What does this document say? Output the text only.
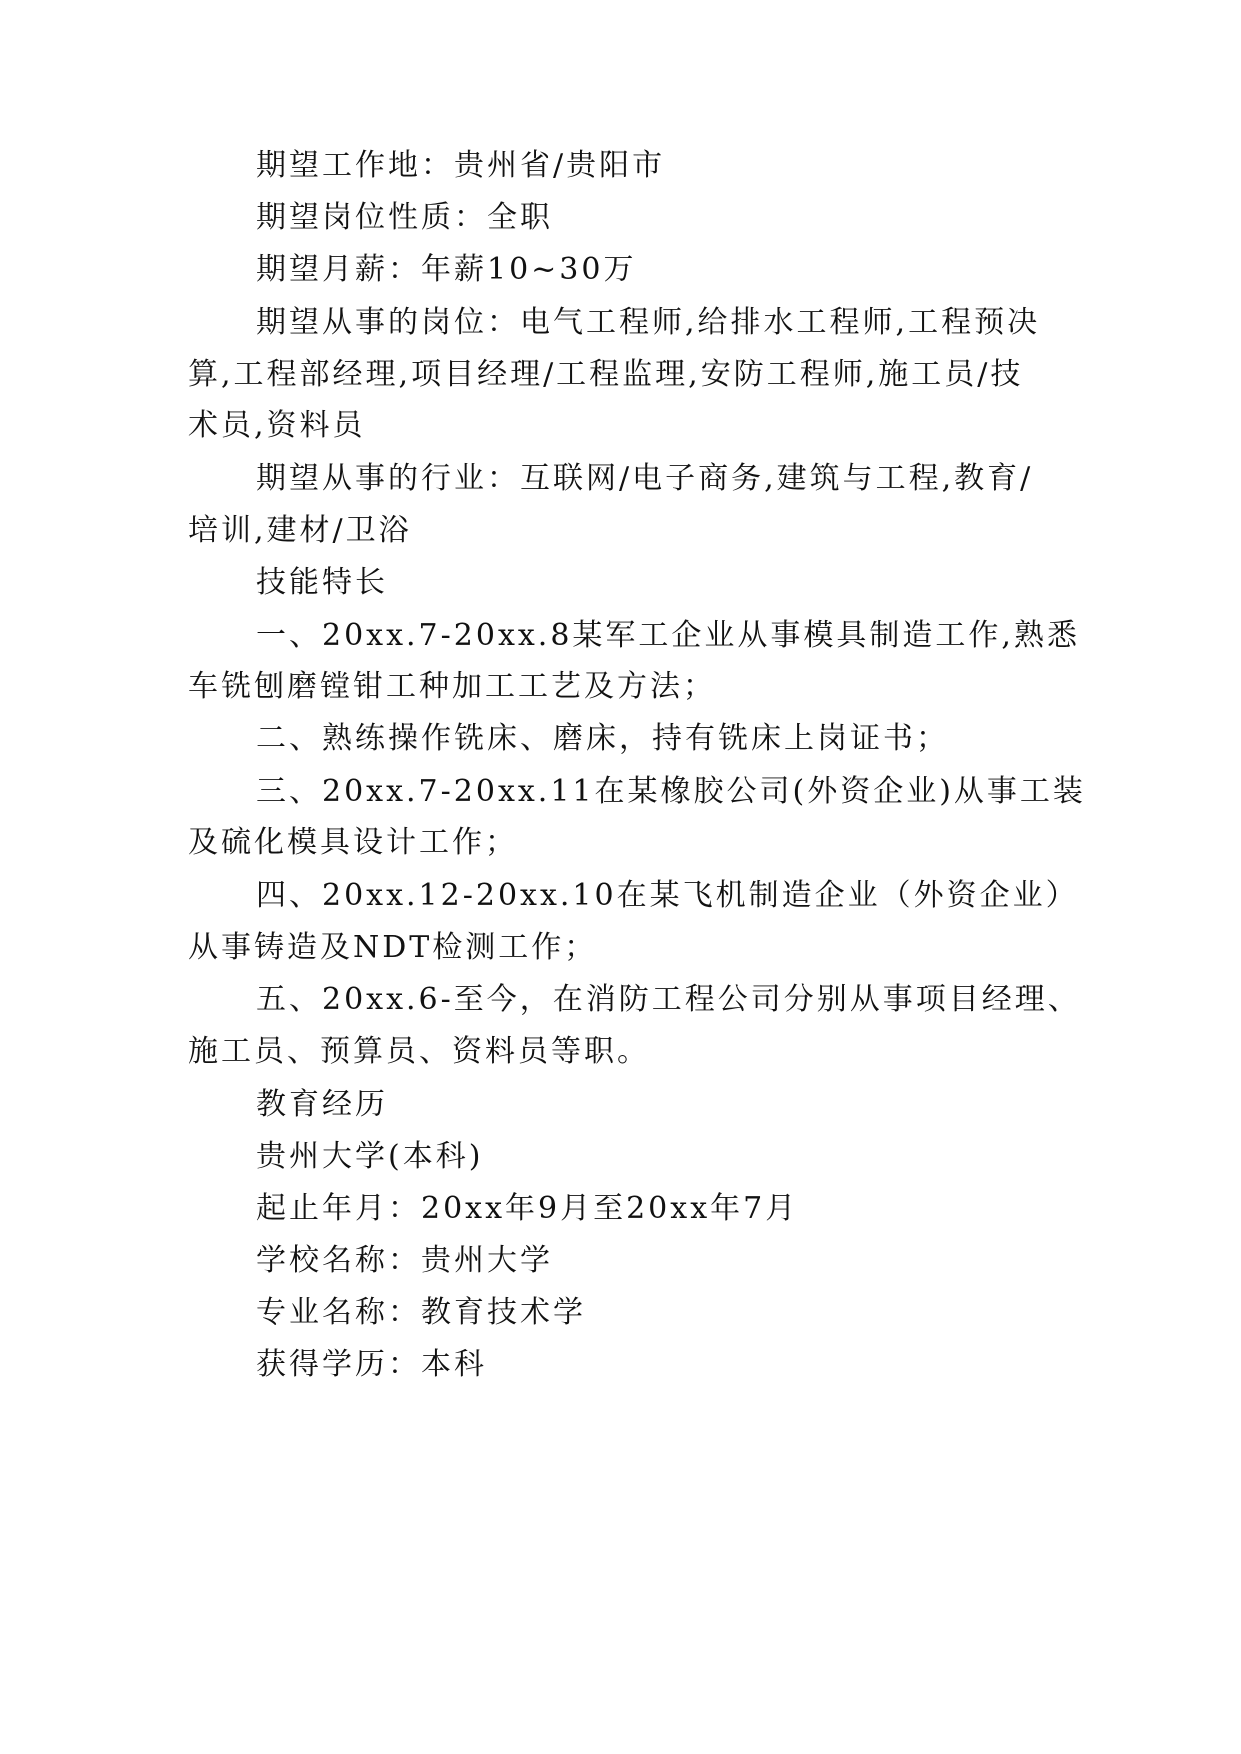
期望工作地：贵州省/贵阳市
期望岗位性质：全职
期望月薪：年薪10~30万
期望从事的岗位：电气工程师,给排水工程师,工程预决
算,工程部经理,项目经理/工程监理,安防工程师,施工员/技
术员,资料员
期望从事的行业：互联网/电子商务,建筑与工程,教育/
培训,建材/卫浴
技能特长
一、20xx.7-20xx.8某军工企业从事模具制造工作,熟悉
车铣刨磨镗钳工种加工工艺及方法；
二、熟练操作铣床、磨床，持有铣床上岗证书；
三、20xx.7-20xx.11在某橡胶公司(外资企业)从事工装
及硫化模具设计工作；
四、20xx.12-20xx.10在某飞机制造企业（外资企业）
从事铸造及NDT检测工作；
五、20xx.6-至今，在消防工程公司分别从事项目经理、
施工员、预算员、资料员等职。
教育经历
贵州大学(本科)
起止年月：20xx年9月至20xx年7月
学校名称：贵州大学
专业名称：教育技术学
获得学历：本科
